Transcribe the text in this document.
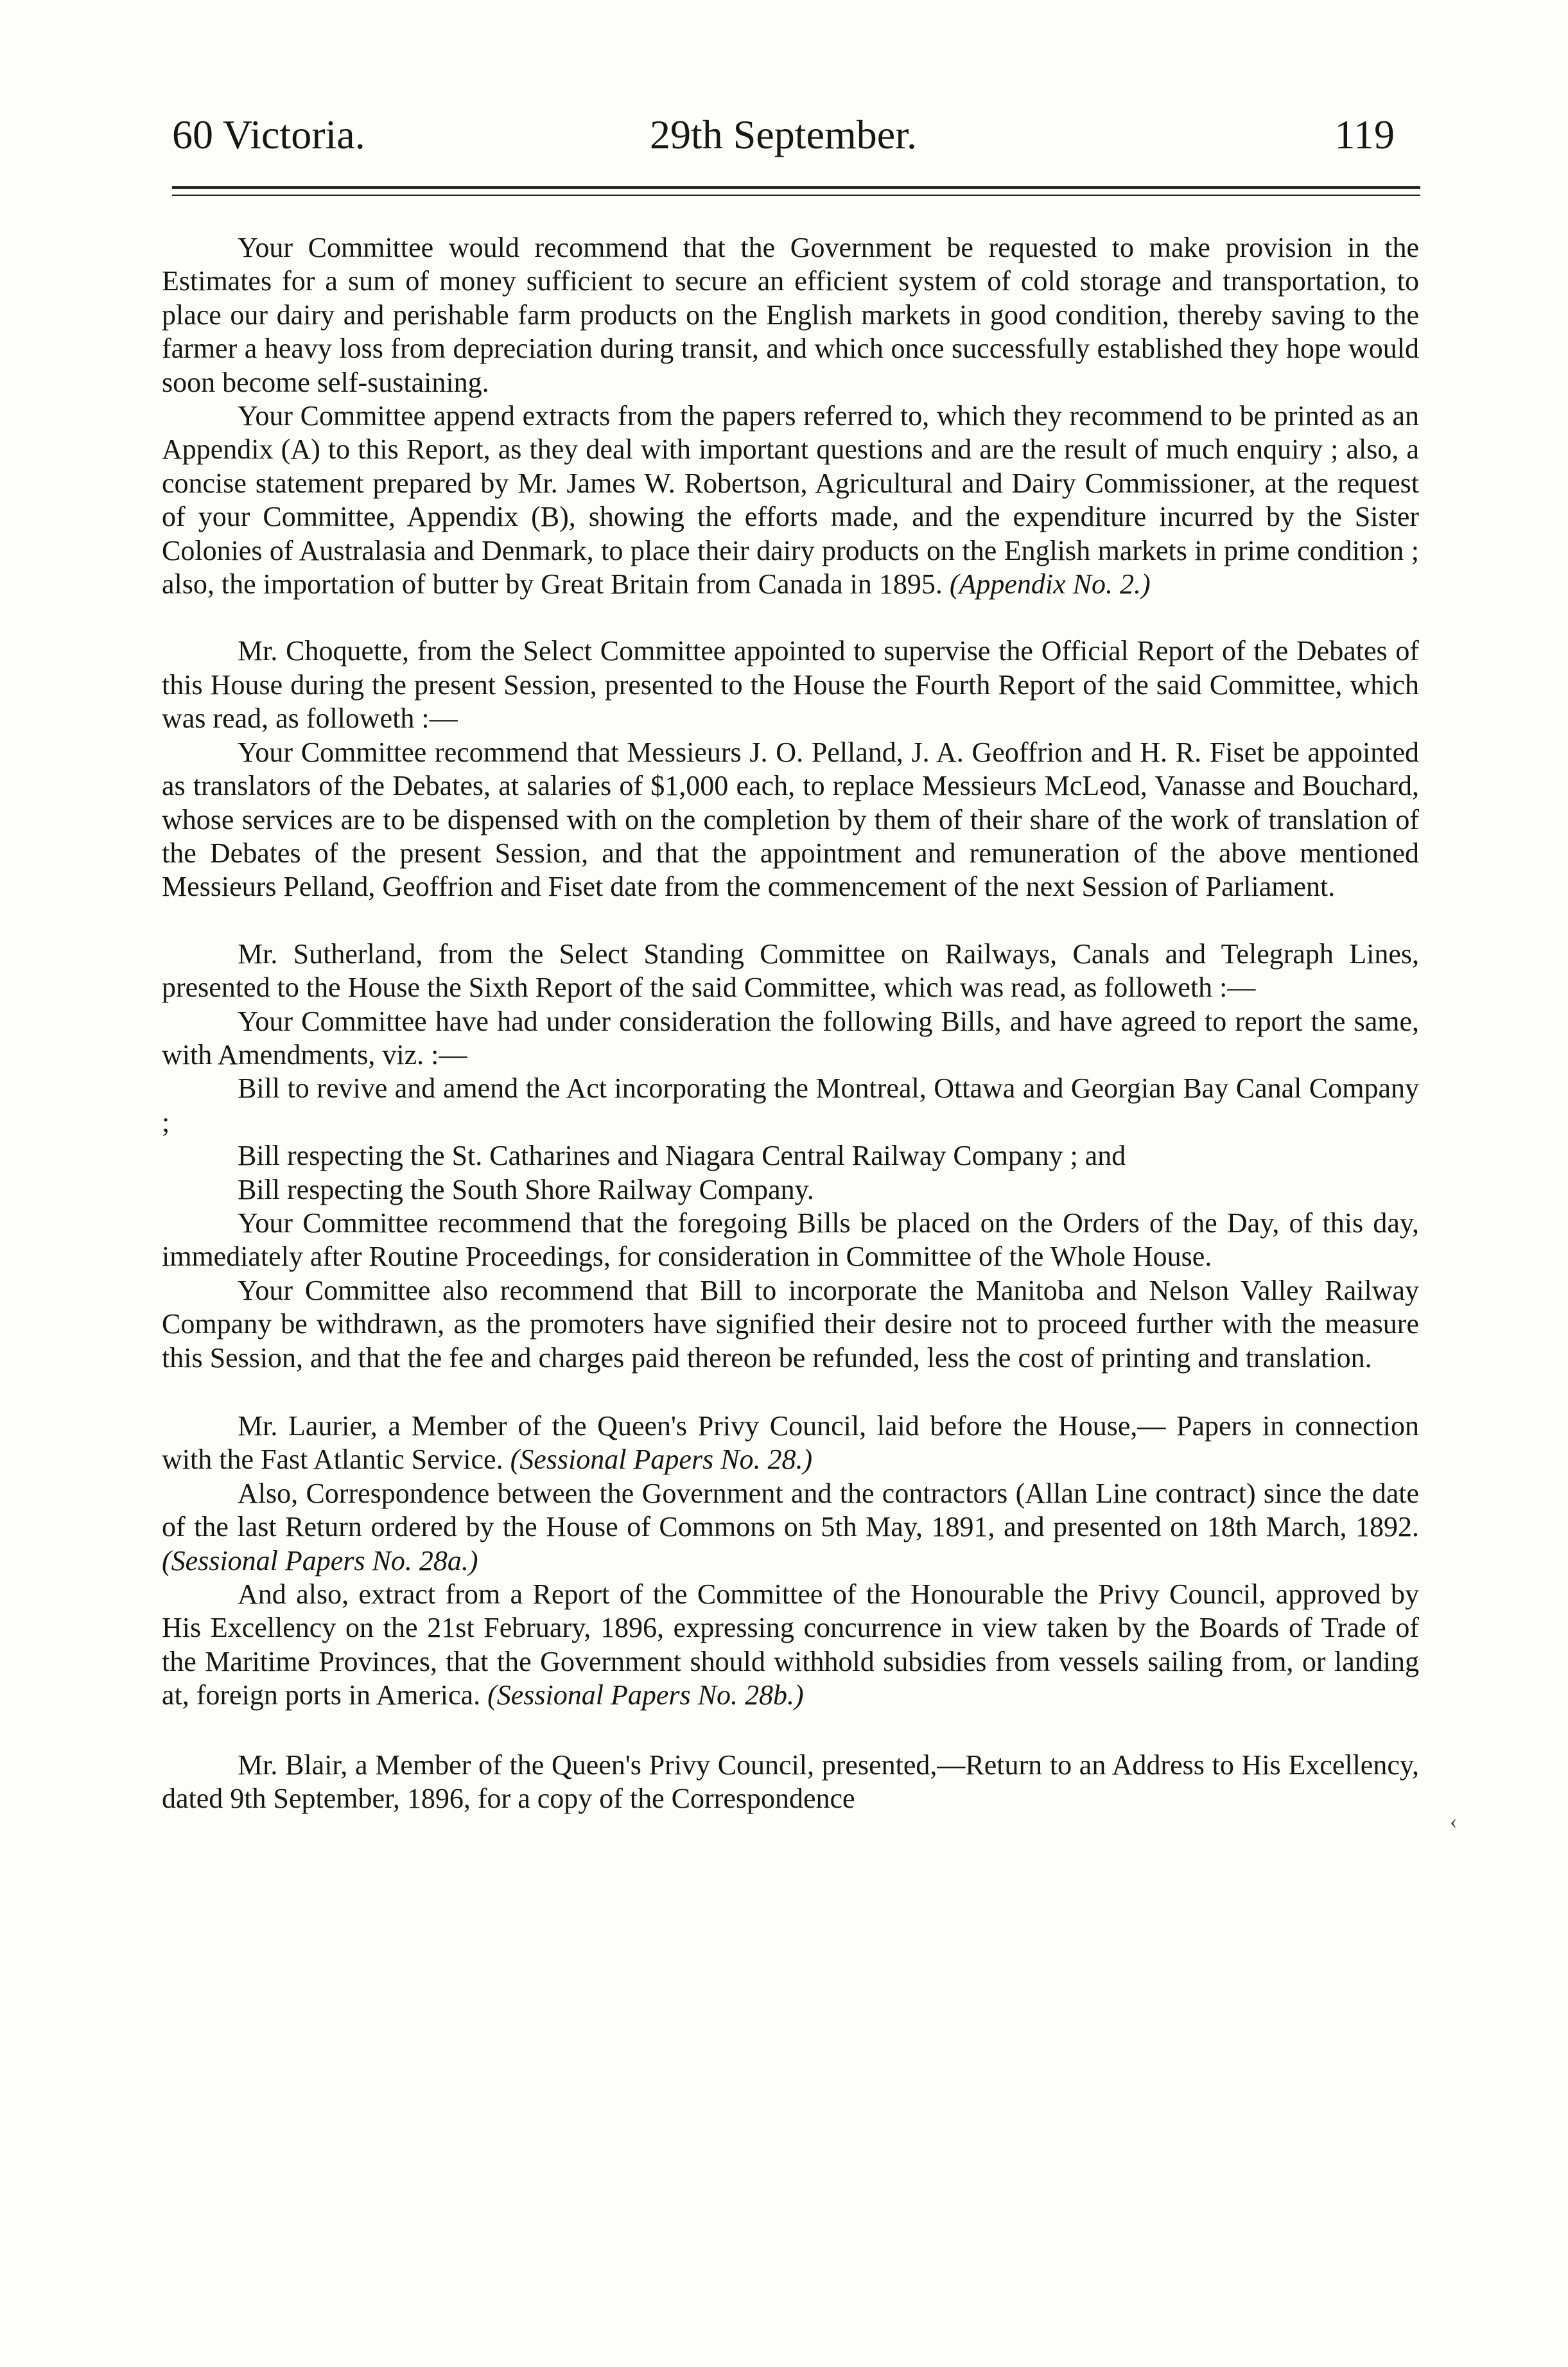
60 Victoria.	29th September.	119

Your Committee would recommend that the Government be requested to make provision in the Estimates for a sum of money sufficient to secure an efficient system of cold storage and transportation, to place our dairy and perishable farm products on the English markets in good condition, thereby saving to the farmer a heavy loss from depreciation during transit, and which once successfully established they hope would soon become self-sustaining.

Your Committee append extracts from the papers referred to, which they recommend to be printed as an Appendix (A) to this Report, as they deal with important questions and are the result of much enquiry ; also, a concise statement prepared by Mr. James W. Robertson, Agricultural and Dairy Commissioner, at the request of your Committee, Appendix (B), showing the efforts made, and the expenditure incurred by the Sister Colonies of Australasia and Denmark, to place their dairy products on the English markets in prime condition ; also, the importation of butter by Great Britain from Canada in 1895. (Appendix No. 2.)

Mr. Choquette, from the Select Committee appointed to supervise the Official Report of the Debates of this House during the present Session, presented to the House the Fourth Report of the said Committee, which was read, as followeth :—

Your Committee recommend that Messieurs J. O. Pelland, J. A. Geoffrion and H. R. Fiset be appointed as translators of the Debates, at salaries of $1,000 each, to replace Messieurs McLeod, Vanasse and Bouchard, whose services are to be dispensed with on the completion by them of their share of the work of translation of the Debates of the present Session, and that the appointment and remuneration of the above mentioned Messieurs Pelland, Geoffrion and Fiset date from the commencement of the next Session of Parliament.

Mr. Sutherland, from the Select Standing Committee on Railways, Canals and Telegraph Lines, presented to the House the Sixth Report of the said Committee, which was read, as followeth :—

Your Committee have had under consideration the following Bills, and have agreed to report the same, with Amendments, viz. :—

Bill to revive and amend the Act incorporating the Montreal, Ottawa and Georgian Bay Canal Company ;

Bill respecting the St. Catharines and Niagara Central Railway Company ; and

Bill respecting the South Shore Railway Company.

Your Committee recommend that the foregoing Bills be placed on the Orders of the Day, of this day, immediately after Routine Proceedings, for consideration in Committee of the Whole House.

Your Committee also recommend that Bill to incorporate the Manitoba and Nelson Valley Railway Company be withdrawn, as the promoters have signified their desire not to proceed further with the measure this Session, and that the fee and charges paid thereon be refunded, less the cost of printing and translation.

Mr. Laurier, a Member of the Queen's Privy Council, laid before the House,— Papers in connection with the Fast Atlantic Service. (Sessional Papers No. 28.)

Also, Correspondence between the Government and the contractors (Allan Line contract) since the date of the last Return ordered by the House of Commons on 5th May, 1891, and presented on 18th March, 1892. (Sessional Papers No. 28a.)

And also, extract from a Report of the Committee of the Honourable the Privy Council, approved by His Excellency on the 21st February, 1896, expressing concurrence in view taken by the Boards of Trade of the Maritime Provinces, that the Government should withhold subsidies from vessels sailing from, or landing at, foreign ports in America. (Sessional Papers No. 28b.)

Mr. Blair, a Member of the Queen's Privy Council, presented,—Return to an Address to His Excellency, dated 9th September, 1896, for a copy of the Correspondence

‹
